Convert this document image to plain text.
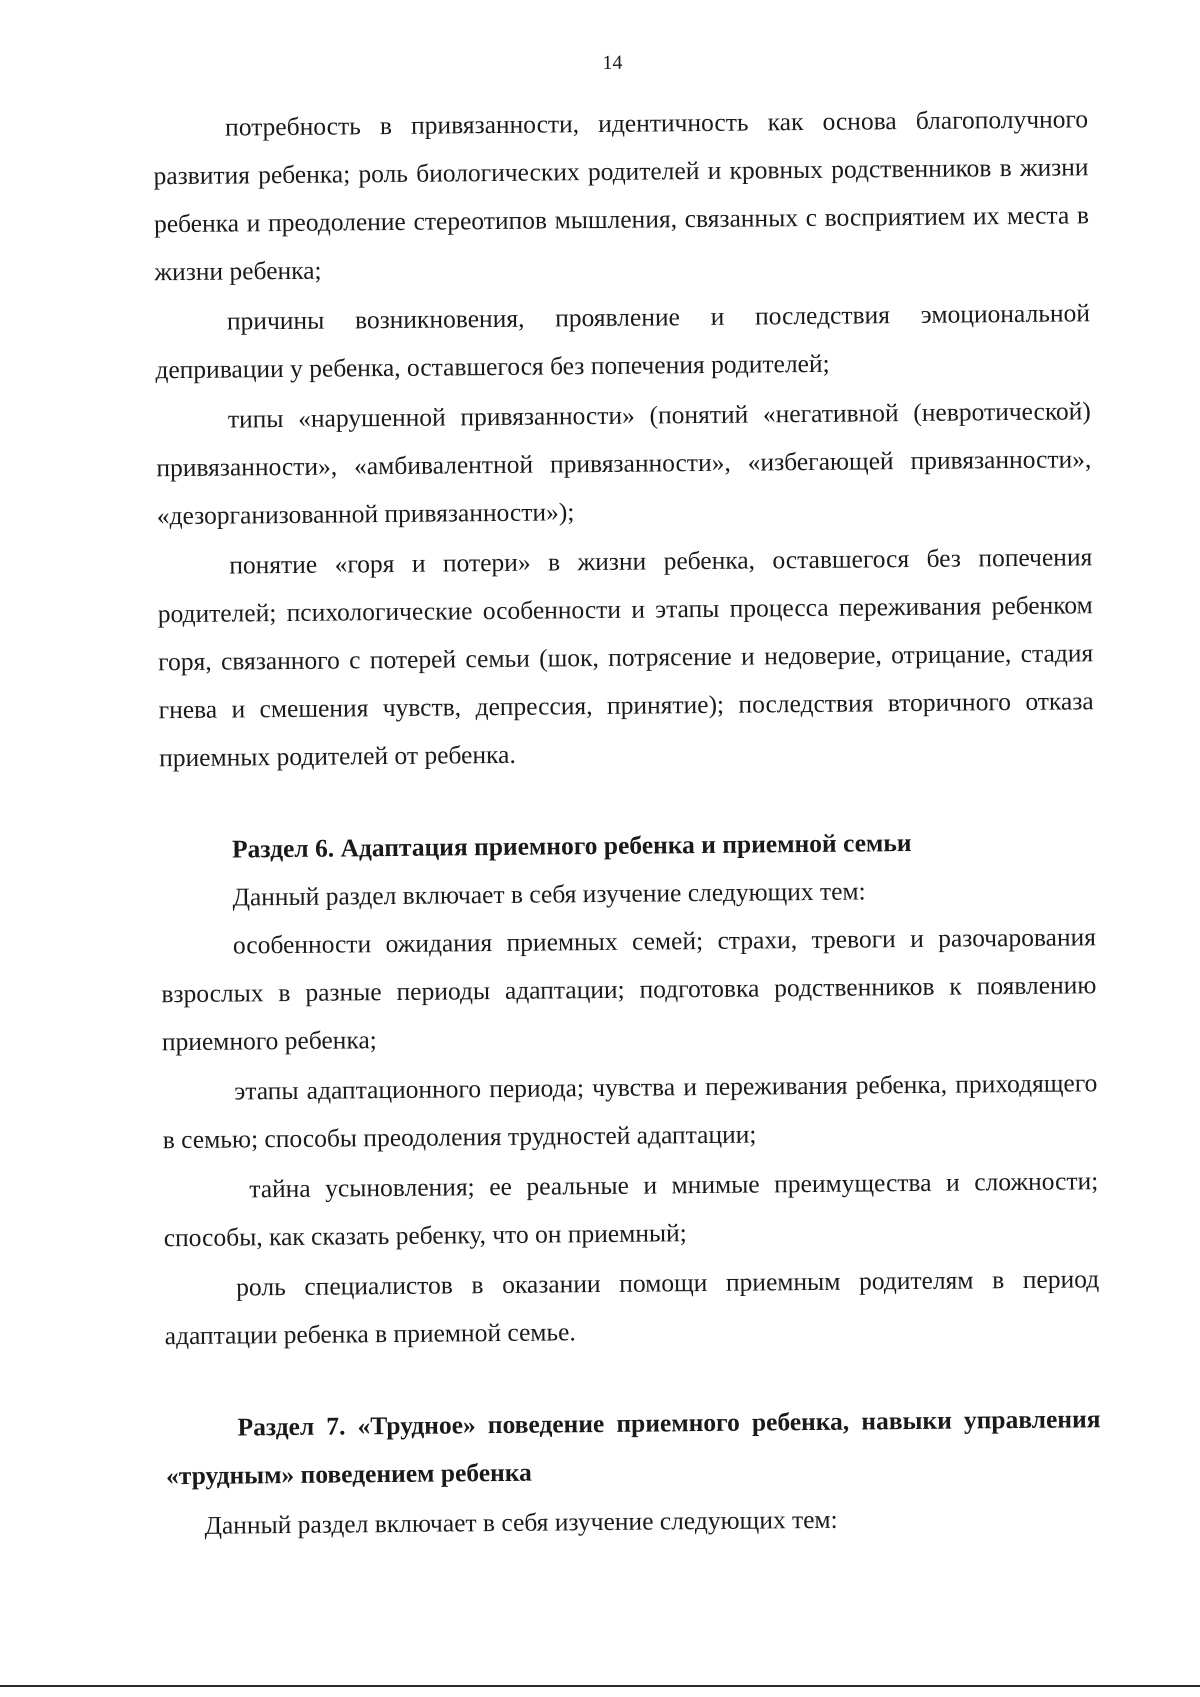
14

потребность в привязанности, идентичность как основа благополучного развития ребенка; роль биологических родителей и кровных родственников в жизни ребенка и преодоление стереотипов мышления, связанных с восприятием их места в жизни ребенка;

причины возникновения, проявление и последствия эмоциональной депривации у ребенка, оставшегося без попечения родителей;

типы «нарушенной привязанности» (понятий «негативной (невротической) привязанности», «амбивалентной привязанности», «избегающей привязанности», «дезорганизованной привязанности»);

понятие «горя и потери» в жизни ребенка, оставшегося без попечения родителей; психологические особенности и этапы процесса переживания ребенком горя, связанного с потерей семьи (шок, потрясение и недоверие, отрицание, стадия гнева и смешения чувств, депрессия, принятие); последствия вторичного отказа приемных родителей от ребенка.

Раздел 6. Адаптация приемного ребенка и приемной семьи

Данный раздел включает в себя изучение следующих тем:

особенности ожидания приемных семей; страхи, тревоги и разочарования взрослых в разные периоды адаптации; подготовка родственников к появлению приемного ребенка;

этапы адаптационного периода; чувства и переживания ребенка, приходящего в семью; способы преодоления трудностей адаптации;

тайна усыновления; ее реальные и мнимые преимущества и сложности; способы, как сказать ребенку, что он приемный;

роль специалистов в оказании помощи приемным родителям в период адаптации ребенка в приемной семье.

Раздел 7. «Трудное» поведение приемного ребенка, навыки управления «трудным» поведением ребенка

Данный раздел включает в себя изучение следующих тем:
